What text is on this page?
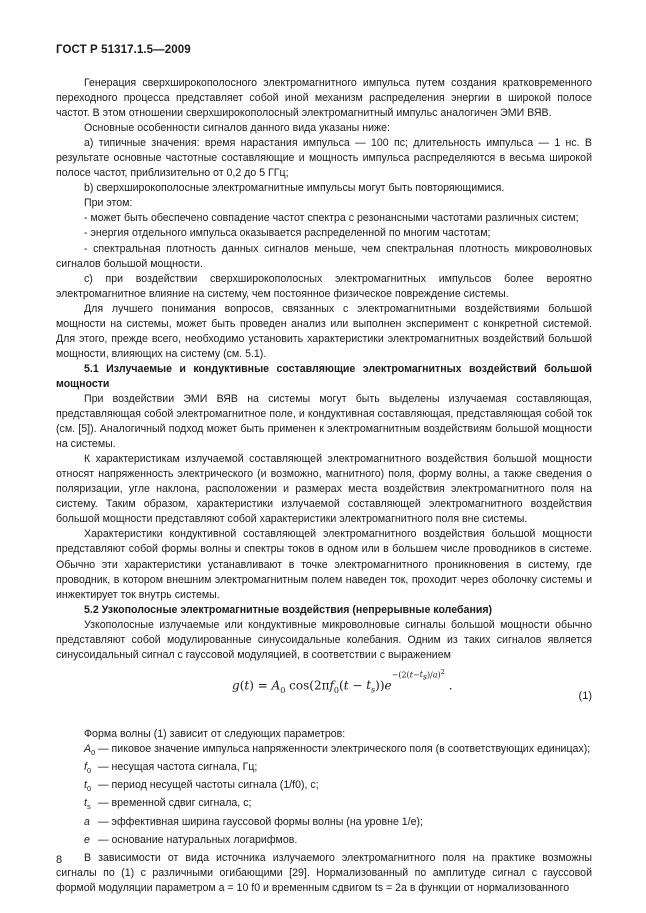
ГОСТ Р 51317.1.5—2009

Генерация сверхширокополосного электромагнитного импульса путем создания кратковременного переходного процесса представляет собой иной механизм распределения энергии в широкой полосе частот. В этом отношении сверхширокополосный электромагнитный импульс аналогичен ЭМИ ВЯВ.

Основные особенности сигналов данного вида указаны ниже:

а) типичные значения: время нарастания импульса — 100 пс; длительность импульса — 1 нс. В результате основные частотные составляющие и мощность импульса распределяются в весьма широкой полосе частот, приблизительно от 0,2 до 5 ГГц;

b) сверхширокополосные электромагнитные импульсы могут быть повторяющимися.

При этом:

- может быть обеспечено совпадение частот спектра с резонансными частотами различных систем;

- энергия отдельного импульса оказывается распределенной по многим частотам;

- спектральная плотность данных сигналов меньше, чем спектральная плотность микроволновых сигналов большой мощности.

c) при воздействии сверхширокополосных электромагнитных импульсов более вероятно электромагнитное влияние на систему, чем постоянное физическое повреждение системы.

Для лучшего понимания вопросов, связанных с электромагнитными воздействиями большой мощности на системы, может быть проведен анализ или выполнен эксперимент с конкретной системой. Для этого, прежде всего, необходимо установить характеристики электромагнитных воздействий большой мощности, влияющих на систему (см. 5.1).

5.1 Излучаемые и кондуктивные составляющие электромагнитных воздействий большой мощности

При воздействии ЭМИ ВЯВ на системы могут быть выделены излучаемая составляющая, представляющая собой электромагнитное поле, и кондуктивная составляющая, представляющая собой ток (см. [5]). Аналогичный подход может быть применен к электромагнитным воздействиям большой мощности на системы.

К характеристикам излучаемой составляющей электромагнитного воздействия большой мощности относят напряженность электрического (и возможно, магнитного) поля, форму волны, а также сведения о поляризации, угле наклона, расположении и размерах места воздействия электромагнитного поля на систему. Таким образом, характеристики излучаемой составляющей электромагнитного воздействия большой мощности представляют собой характеристики электромагнитного поля вне системы.

Характеристики кондуктивной составляющей электромагнитного воздействия большой мощности представляют собой формы волны и спектры токов в одном или в большем числе проводников в системе. Обычно эти характеристики устанавливают в точке электромагнитного проникновения в систему, где проводник, в котором внешним электромагнитным полем наведен ток, проходит через оболочку системы и инжектирует ток внутрь системы.

5.2 Узкополосные электромагнитные воздействия (непрерывные колебания)

Узкополосные излучаемые или кондуктивные микроволновые сигналы большой мощности обычно представляют собой модулированные синусоидальные колебания. Одним из таких сигналов является синусоидальный сигнал с гауссовой модуляцией, в соответствии с выражением

$g(t) = A_0$ $\cos(2\pi f_0(t - t_s))e-(2(t-t_s)/a)^2$ .
(1)

Форма волны (1) зависит от следующих параметров:

$A_0$ — пиковое значение импульса напряженности электрического поля (в соответствующих единицах);
$f_0$ — несущая частота сигнала, Гц;
$t_0$ — период несущей частоты сигнала (1/f0), с;
$t_s$ — временной сдвиг сигнала, с;
a — эффективная ширина гауссовой формы волны (на уровне 1/e);
e — основание натуральных логарифмов.

В зависимости от вида источника излучаемого электромагнитного поля на практике возможны сигналы по (1) с различными огибающими [29]. Нормализованный по амплитуде сигнал с гауссовой формой модуляции параметром a = 10 f0 и временным сдвигом ts = 2a в функции от нормализованного

8
